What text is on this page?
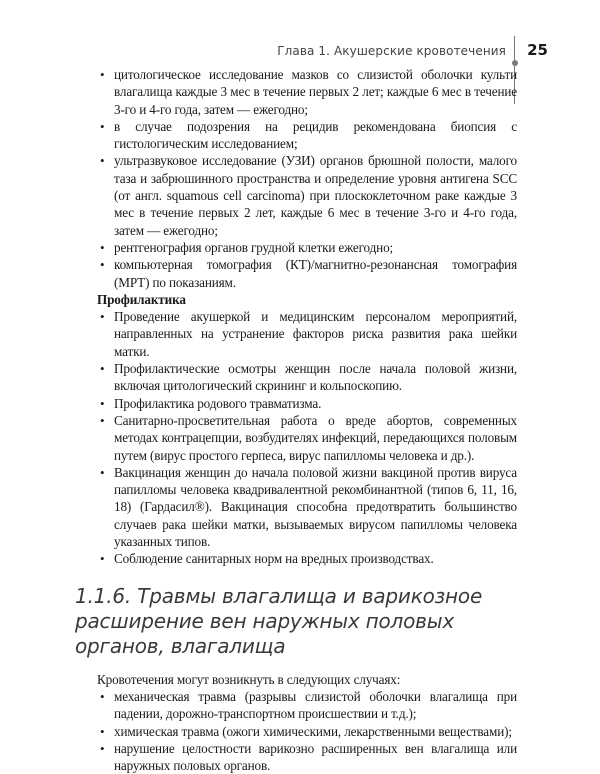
Глава 1. Акушерские кровотечения 25
• цитологическое исследование мазков со слизистой оболочки культи влагалища каждые 3 мес в течение первых 2 лет; каждые 6 мес в течение 3-го и 4-го года, затем — ежегодно;
• в случае подозрения на рецидив рекомендована биопсия с гистологическим исследованием;
• ультразвуковое исследование (УЗИ) органов брюшной полости, малого таза и забрюшинного пространства и определение уровня антигена SCC (от англ. squamous cell carcinoma) при плоскоклеточном раке каждые 3 мес в течение первых 2 лет, каждые 6 мес в течение 3-го и 4-го года, затем — ежегодно;
• рентгенография органов грудной клетки ежегодно;
• компьютерная томография (КТ)/магнитно-резонансная томография (МРТ) по показаниям.

Профилактика

• Проведение акушеркой и медицинским персоналом мероприятий, направленных на устранение факторов риска развития рака шейки матки.
• Профилактические осмотры женщин после начала половой жизни, включая цитологический скрининг и кольпоскопию.
• Профилактика родового травматизма.
• Санитарно-просветительная работа о вреде абортов, современных методах контрацепции, возбудителях инфекций, передающихся половым путем (вирус простого герпеса, вирус папилломы человека и др.).
• Вакцинация женщин до начала половой жизни вакциной против вируса папилломы человека квадривалентной рекомбинантной (типов 6, 11, 16, 18) (Гардасил®). Вакцинация способна предотвратить большинство случаев рака шейки матки, вызываемых вирусом папилломы человека указанных типов.
• Соблюдение санитарных норм на вредных производствах.
1.1.6. Травмы влагалища и варикозное расширение вен наружных половых органов, влагалища

Кровотечения могут возникнуть в следующих случаях:

• механическая травма (разрывы слизистой оболочки влагалища при падении, дорожно-транспортном происшествии и т.д.);
• химическая травма (ожоги химическими, лекарственными веществами);
• нарушение целостности варикозно расширенных вен влагалища или наружных половых органов.
